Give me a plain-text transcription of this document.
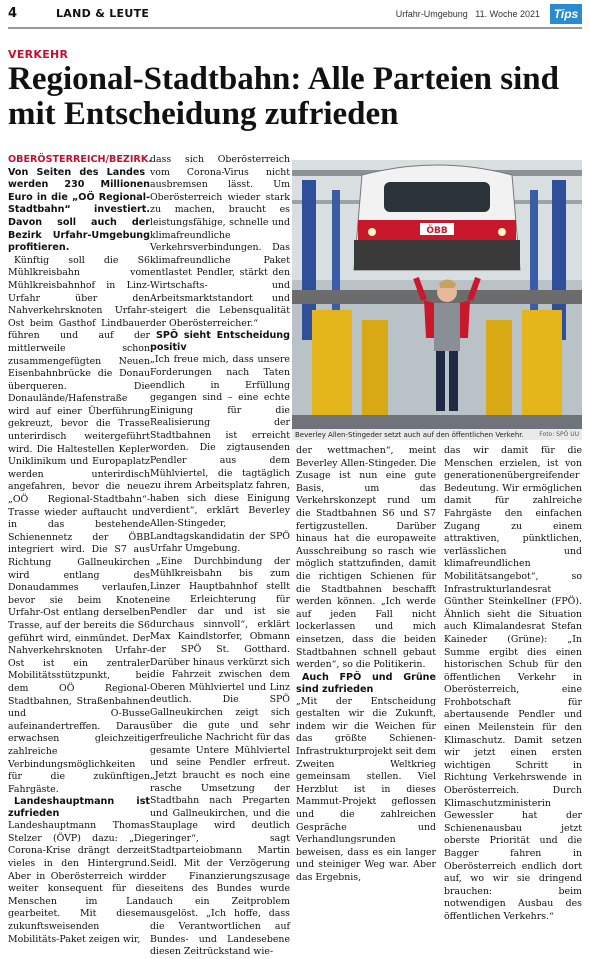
4	LAND & LEUTE	Urfahr-Umgebung   11. Woche 2021	Tips
VERKEHR
Regional-Stadtbahn: Alle Parteien sind mit Entscheidung zufrieden

OBERÖSTERREICH/BEZIRK. Von Seiten des Landes werden 230 Millionen Euro in die „OÖ Regional-Stadtbahn“ investiert. Davon soll auch der Bezirk Urfahr-Umgebung profitieren.

Künftig soll die S6 Mühlkreisbahn vom Mühlkreisbahnhof in Linz-Urfahr über den Nahverkehrsknoten Urfahr-Ost beim Gasthof Lindbauer führen und auf der mittlerweile schon zusammengefügten Neuen Eisenbahnbrücke die Donau überqueren. Die Donaulände/Hafenstraße wird auf einer Überführung gekreuzt, bevor die Trasse unterirdisch weitergeführt wird. Die Haltestellen Kepler Uniklinikum und Europaplatz werden unterirdisch angefahren, bevor die neue „OÖ Regional-Stadtbahn“-Trasse wieder auftaucht und in das bestehende Schienennetz der ÖBB integriert wird. Die S7 aus Richtung Gallneukirchen wird entlang des Donaudammes verlaufen, bevor sie beim Knoten Urfahr-Ost entlang derselben Trasse, auf der bereits die S6 geführt wird, einmündet. Der Nahverkehrsknoten Urfahr-Ost ist ein zentraler Mobilitätsstützpunkt, bei dem OÖ Regional-Stadtbahnen, Straßenbahnen und O-Busse aufeinandertreffen. Daraus erwachsen gleichzeitig zahlreiche Verbindungsmöglichkeiten für die zukünftigen Fahrgäste.

Landeshauptmann ist zufrieden

Landeshauptmann Thomas Stelzer (ÖVP) dazu: „Die Corona-Krise drängt derzeit vieles in den Hintergrund. Aber in Oberösterreich wird weiter konsequent für die Menschen im Land gearbeitet. Mit diesem zukunftsweisenden Mobilitäts-Paket zeigen wir,

dass sich Oberösterreich vom Corona-Virus nicht ausbremsen lässt. Um Oberösterreich wieder stark zu machen, braucht es leistungsfähige, schnelle und klimafreundliche Verkehrsverbindungen. Das klimafreundliche Paket entlastet Pendler, stärkt den Wirtschafts- und Arbeitsmarktstandort und steigert die Lebensqualität der Oberösterreicher.“

SPÖ sieht Entscheidung positiv

„Ich freue mich, dass unsere Forderungen nach Taten endlich in Erfüllung gegangen sind – eine echte Einigung für die Realisierung der Stadtbahnen ist erreicht worden. Die zigtausenden Pendler aus dem Mühlviertel, die tagtäglich zu ihrem Arbeitsplatz fahren, haben sich diese Einigung verdient“, erklärt Beverley Allen-Stingeder, Landtagskandidatin der SPÖ Urfahr Umgebung.

„Eine Durchbindung der Mühlkreisbahn bis zum Linzer Hauptbahnhof stellt eine Erleichterung für Pendler dar und ist sie durchaus sinnvoll“, erklärt Max Kaindlstorfer, Obmann der SPÖ St. Gotthard. Darüber hinaus verkürzt sich die Fahrzeit zwischen dem Oberen Mühlviertel und Linz deutlich. Die SPÖ Gallneukirchen zeigt sich über die gute und sehr erfreuliche Nachricht für das gesamte Untere Mühlviertel und seine Pendler erfreut. „Jetzt braucht es noch eine rasche Umsetzung der Stadtbahn nach Pregarten und Gallneukirchen, und die Stauplage wird deutlich geringer“, sagt Stadtparteiobmann Martin Seidl. Mit der Verzögerung der Finanzierungszusage seitens des Bundes wurde auch ein Zeitproblem ausgelöst. „Ich hoffe, dass die Verantwortlichen auf Bundes- und Landesebene diesen Zeitrückstand wie-

ÖBB
Beverley Allen-Stingeder setzt auch auf den öffentlichen Verkehr.	Foto: SPÖ UU

der wettmachen“, meint Beverley Allen-Stingeder. Die Zusage ist nun eine gute Basis, um das Verkehrskonzept rund um die Stadtbahnen S6 und S7 fertigzustellen. Darüber hinaus hat die europaweite Ausschreibung so rasch wie möglich stattzufinden, damit die richtigen Schienen für die Stadtbahnen beschafft werden können. „Ich werde auf jeden Fall nicht lockerlassen und mich einsetzen, dass die beiden Stadtbahnen schnell gebaut werden“, so die Politikerin.

Auch FPÖ und Grüne sind zufrieden

„Mit der Entscheidung gestalten wir die Zukunft, indem wir die Weichen für das größte Schienen-Infrastrukturprojekt seit dem Zweiten Weltkrieg gemeinsam stellen. Viel Herzblut ist in dieses Mammut-Projekt geflossen und die zahlreichen Gespräche und Verhandlungsrunden beweisen, dass es ein langer und steiniger Weg war. Aber das Ergebnis,

das wir damit für die Menschen erzielen, ist von generationenübergreifender Bedeutung. Wir ermöglichen damit für zahlreiche Fahrgäste den einfachen Zugang zu einem attraktiven, pünktlichen, verlässlichen und klimafreundlichen Mobilitätsangebot“, so Infrastrukturlandesrat Günther Steinkellner (FPÖ). Ähnlich sieht die Situation auch Klimalandesrat Stefan Kaineder (Grüne): „In Summe ergibt dies einen historischen Schub für den öffentlichen Verkehr in Oberösterreich, eine Frohbotschaft für abertausende Pendler und einen Meilenstein für den Klimaschutz. Damit setzen wir jetzt einen ersten wichtigen Schritt in Richtung Verkehrswende in Oberösterreich. Durch Klimaschutzministerin Gewessler hat der Schienenausbau jetzt oberste Priorität und die Bagger fahren in Oberösterreich endlich dort auf, wo wir sie dringend brauchen: beim notwendigen Ausbau des öffentlichen Verkehrs.“
